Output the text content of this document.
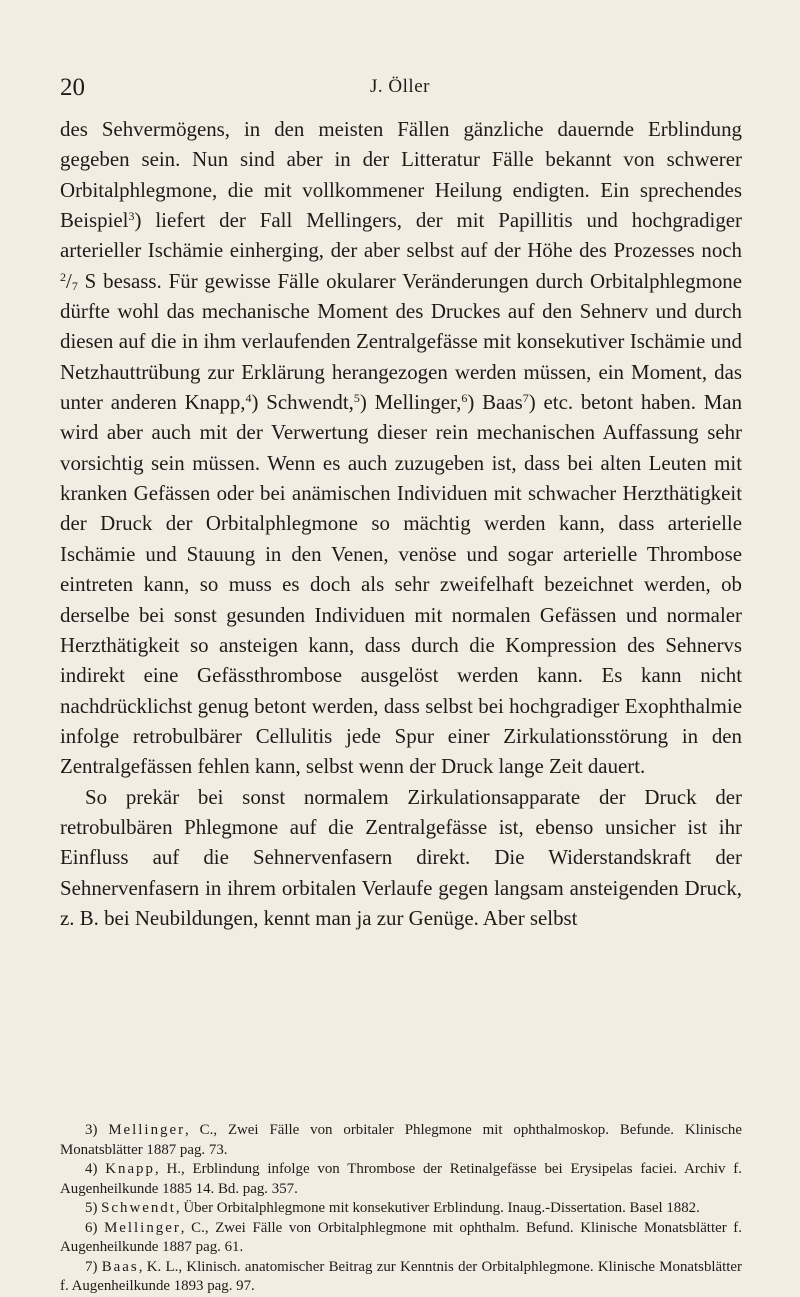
20	J. Öller

des Sehvermögens, in den meisten Fällen gänzliche dauernde Erblindung gegeben sein. Nun sind aber in der Litteratur Fälle bekannt von schwerer Orbitalphlegmone, die mit vollkommener Heilung endigten. Ein sprechendes Beispiel$^3$) liefert der Fall Mellingers, der mit Papillitis und hochgradiger arterieller Ischämie einherging, der aber selbst auf der Höhe des Prozesses noch $^2/_7$ S besass. Für gewisse Fälle okularer Veränderungen durch Orbitalphlegmone dürfte wohl das mechanische Moment des Druckes auf den Sehnerv und durch diesen auf die in ihm verlaufenden Zentralgefässe mit konsekutiver Ischämie und Netzhauttrübung zur Erklärung herangezogen werden müssen, ein Moment, das unter anderen Knapp,$^4$) Schwendt,$^5$) Mellinger,$^6$) Baas$^7$) etc. betont haben. Man wird aber auch mit der Verwertung dieser rein mechanischen Auffassung sehr vorsichtig sein müssen. Wenn es auch zuzugeben ist, dass bei alten Leuten mit kranken Gefässen oder bei anämischen Individuen mit schwacher Herzthätigkeit der Druck der Orbitalphlegmone so mächtig werden kann, dass arterielle Ischämie und Stauung in den Venen, venöse und sogar arterielle Thrombose eintreten kann, so muss es doch als sehr zweifelhaft bezeichnet werden, ob derselbe bei sonst gesunden Individuen mit normalen Gefässen und normaler Herzthätigkeit so ansteigen kann, dass durch die Kompression des Sehnervs indirekt eine Gefässthrombose ausgelöst werden kann. Es kann nicht nachdrücklichst genug betont werden, dass selbst bei hochgradiger Exophthalmie infolge retrobulbärer Cellulitis jede Spur einer Zirkulationsstörung in den Zentralgefässen fehlen kann, selbst wenn der Druck lange Zeit dauert.

So prekär bei sonst normalem Zirkulationsapparate der Druck der retrobulbären Phlegmone auf die Zentralgefässe ist, ebenso unsicher ist ihr Einfluss auf die Sehnervenfasern direkt. Die Widerstandskraft der Sehnervenfasern in ihrem orbitalen Verlaufe gegen langsam ansteigenden Druck, z. B. bei Neubildungen, kennt man ja zur Genüge. Aber selbst

3) Mellinger, C., Zwei Fälle von orbitaler Phlegmone mit ophthalmoskop. Befunde. Klinische Monatsblätter 1887 pag. 73.

4) Knapp, H., Erblindung infolge von Thrombose der Retinalgefässe bei Erysipelas faciei. Archiv f. Augenheilkunde 1885 14. Bd. pag. 357.

5) Schwendt, Über Orbitalphlegmone mit konsekutiver Erblindung. Inaug.-Dissertation. Basel 1882.

6) Mellinger, C., Zwei Fälle von Orbitalphlegmone mit ophthalm. Befund. Klinische Monatsblätter f. Augenheilkunde 1887 pag. 61.

7) Baas, K. L., Klinisch. anatomischer Beitrag zur Kenntnis der Orbitalphlegmone. Klinische Monatsblätter f. Augenheilkunde 1893 pag. 97.
